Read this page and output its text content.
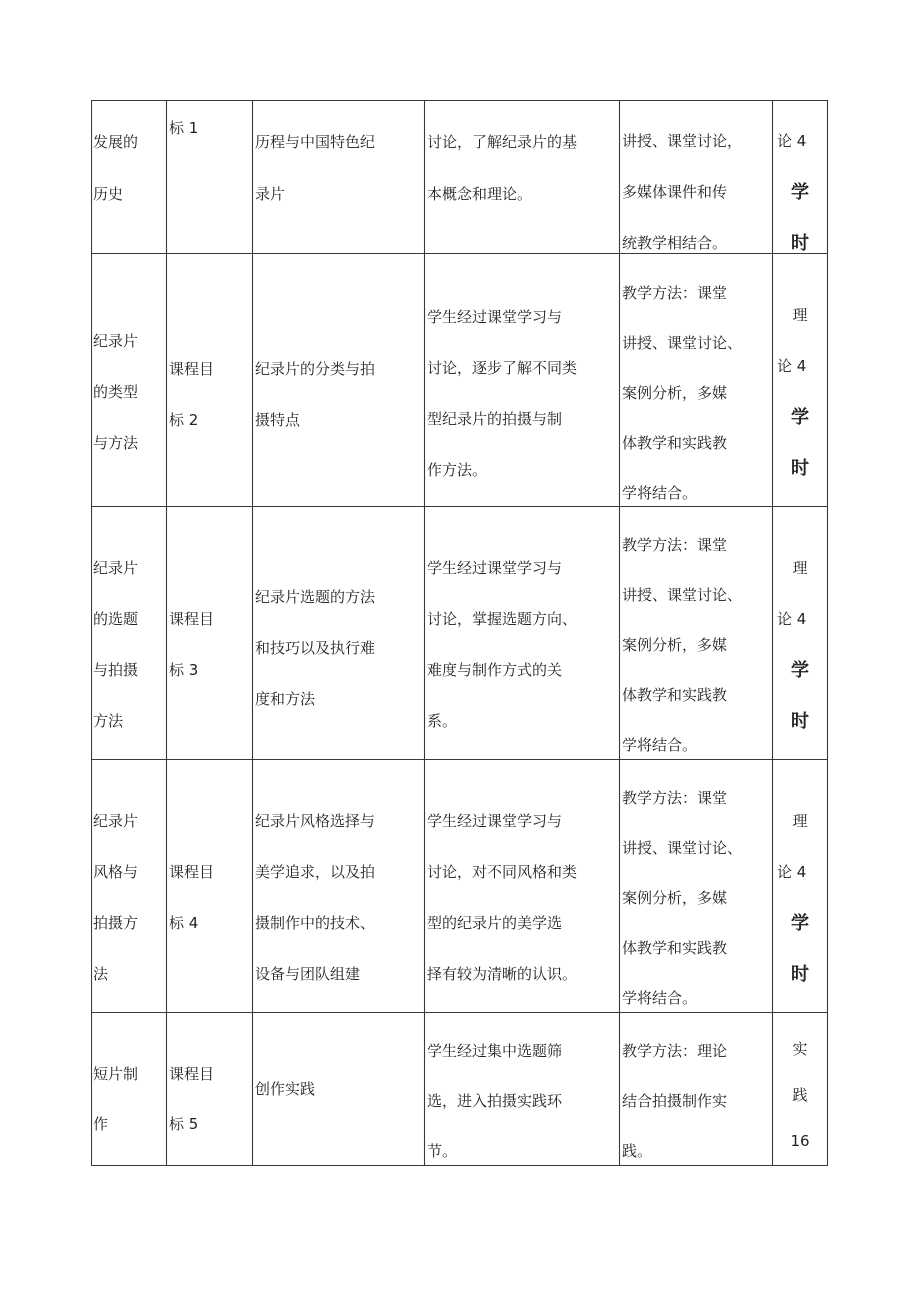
发展的
历史
标 1
历程与中国特色纪
录片
讨论，了解纪录片的基
本概念和理论。
讲授、课堂讨论，
多媒体课件和传
统教学相结合。
论 4
学
时
纪录片
的类型
与方法
课程目
标 2
纪录片的分类与拍
摄特点
学生经过课堂学习与
讨论，逐步了解不同类
型纪录片的拍摄与制
作方法。
教学方法：课堂
讲授、课堂讨论、
案例分析，多媒
体教学和实践教
学将结合。
理
论 4
学
时
纪录片
的选题
与拍摄
方法
课程目
标 3
纪录片选题的方法
和技巧以及执行难
度和方法
学生经过课堂学习与
讨论，掌握选题方向、
难度与制作方式的关
系。
教学方法：课堂
讲授、课堂讨论、
案例分析，多媒
体教学和实践教
学将结合。
理
论 4
学
时
纪录片
风格与
拍摄方
法
课程目
标 4
纪录片风格选择与
美学追求，以及拍
摄制作中的技术、
设备与团队组建
学生经过课堂学习与
讨论，对不同风格和类
型的纪录片的美学选
择有较为清晰的认识。
教学方法：课堂
讲授、课堂讨论、
案例分析，多媒
体教学和实践教
学将结合。
理
论 4
学
时
短片制
作
课程目
标 5
创作实践
学生经过集中选题筛
选，进入拍摄实践环
节。
教学方法：理论
结合拍摄制作实
践。
实
践
16
